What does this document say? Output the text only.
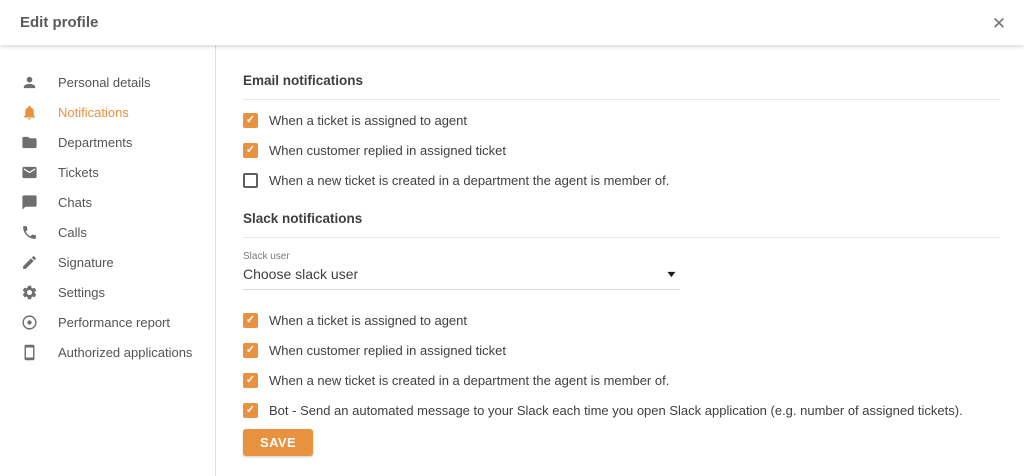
Edit profile	✕
Personal details
Notifications
Departments
Tickets
Chats
Calls
Signature
Settings
Performance report
Authorized applications
Email notifications
✓ When a ticket is assigned to agent
✓ When customer replied in assigned ticket
When a new ticket is created in a department the agent is member of.
Slack notifications
Slack user
Choose slack user	▼
✓ When a ticket is assigned to agent
✓ When customer replied in assigned ticket
✓ When a new ticket is created in a department the agent is member of.
✓ Bot - Send an automated message to your Slack each time you open Slack application (e.g. number of assigned tickets).
SAVE
